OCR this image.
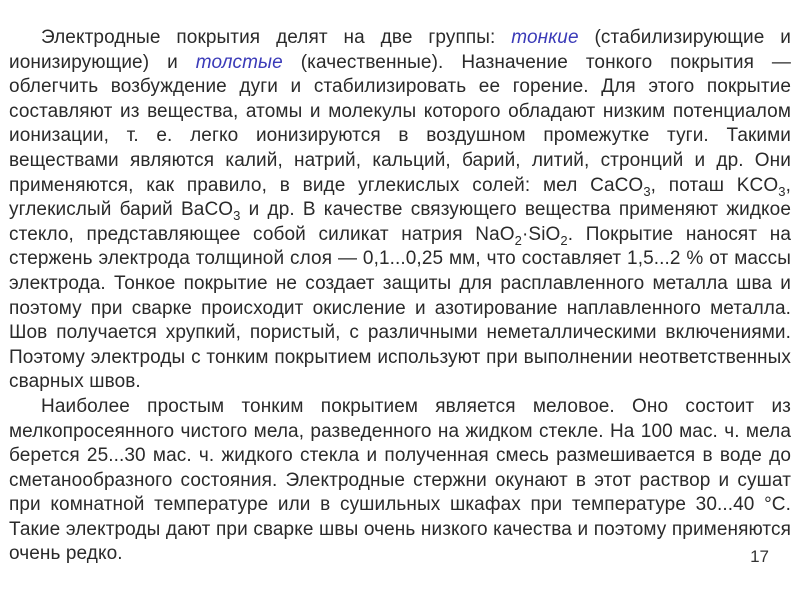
Электродные покрытия делят на две группы: тонкие (стабилизирующие и ионизирующие) и толстые (качественные). Назначение тонкого покрытия — облегчить возбуждение дуги и стабилизировать ее горение. Для этого покрытие составляют из вещества, атомы и молекулы которого обладают низким потенциалом ионизации, т. е. легко ионизируются в воздушном промежутке туги. Такими веществами являются калий, натрий, кальций, барий, литий, стронций и др. Они применяются, как правило, в виде углекислых солей: мел CaCO$_3$, поташ $KCO_3$, углекислый барий BaCO$_3$ и др. В качестве связующего вещества применяют жидкое стекло, представляющее собой силикат натрия NaO$_2$·SiO$_2$. Покрытие наносят на стержень электрода толщиной слоя — 0,1...0,25 мм, что составляет 1,5...2 % от массы электрода. Тонкое покрытие не создает защиты для расплавленного металла шва и поэтому при сварке происходит окисление и азотирование наплавленного металла. Шов получается хрупкий, пористый, с различными неметаллическими включениями. Поэтому электроды с тонким покрытием используют при выполнении неответственных сварных швов.

Наиболее простым тонким покрытием является меловое. Оно состоит из мелкопросеянного чистого мела, разведенного на жидком стекле. На 100 мас. ч. мела берется 25...30 мас. ч. жидкого стекла и полученная смесь размешивается в воде до сметанообразного состояния. Электродные стержни окунают в этот раствор и сушат при комнатной температуре или в сушильных шкафах при температуре 30...40 °С. Такие электроды дают при сварке швы очень низкого качества и поэтому применяются очень редко.	17
